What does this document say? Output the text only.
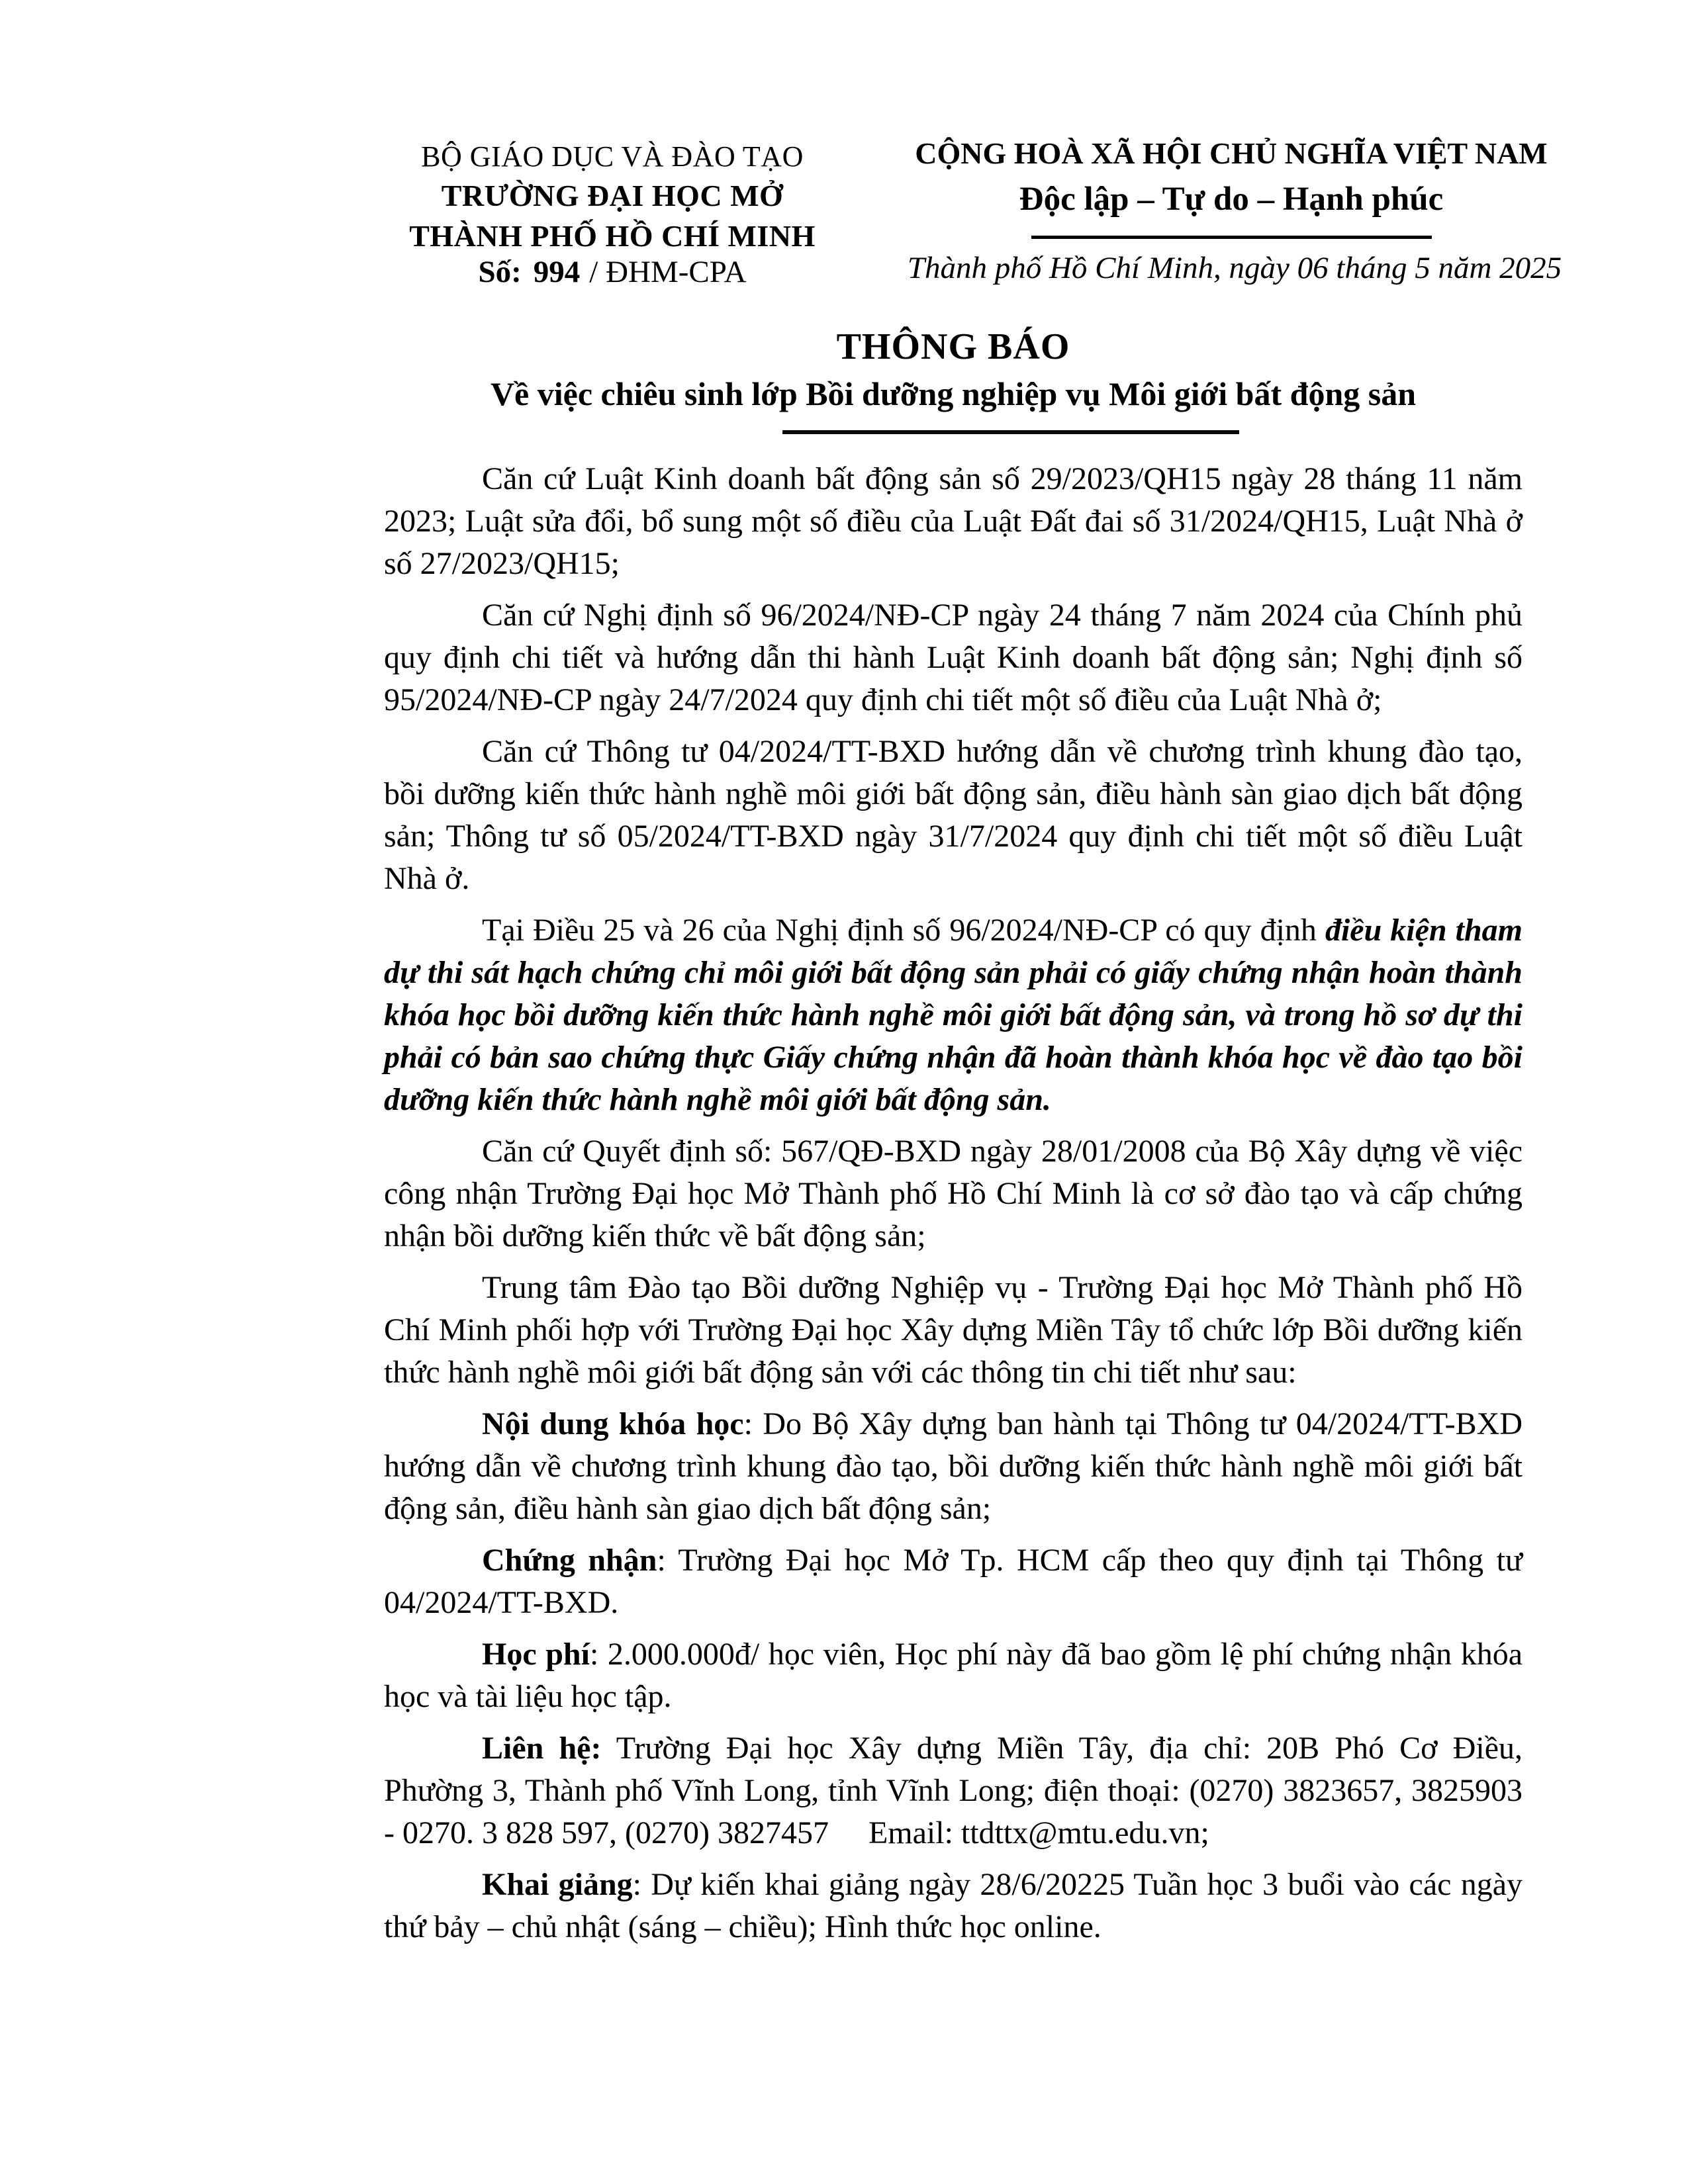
BỘ GIÁO DỤC VÀ ĐÀO TẠO
TRƯỜNG ĐẠI HỌC MỞ
THÀNH PHỐ HỒ CHÍ MINH
CỘNG HOÀ XÃ HỘI CHỦ NGHĨA VIỆT NAM
Độc lập – Tự do – Hạnh phúc
Số: 994 / ĐHM-CPA	Thành phố Hồ Chí Minh, ngày 06 tháng 5 năm 2025
THÔNG BÁO
Về việc chiêu sinh lớp Bồi dưỡng nghiệp vụ Môi giới bất động sản

Căn cứ Luật Kinh doanh bất động sản số 29/2023/QH15 ngày 28 tháng 11 năm 2023; Luật sửa đổi, bổ sung một số điều của Luật Đất đai số 31/2024/QH15, Luật Nhà ở số 27/2023/QH15;

Căn cứ Nghị định số 96/2024/NĐ-CP ngày 24 tháng 7 năm 2024 của Chính phủ quy định chi tiết và hướng dẫn thi hành Luật Kinh doanh bất động sản; Nghị định số 95/2024/NĐ-CP ngày 24/7/2024 quy định chi tiết một số điều của Luật Nhà ở;

Căn cứ Thông tư 04/2024/TT-BXD hướng dẫn về chương trình khung đào tạo, bồi dưỡng kiến thức hành nghề môi giới bất động sản, điều hành sàn giao dịch bất động sản; Thông tư số 05/2024/TT-BXD ngày 31/7/2024 quy định chi tiết một số điều Luật Nhà ở.

Tại Điều 25 và 26 của Nghị định số 96/2024/NĐ-CP có quy định điều kiện tham dự thi sát hạch chứng chỉ môi giới bất động sản phải có giấy chứng nhận hoàn thành khóa học bồi dưỡng kiến thức hành nghề môi giới bất động sản, và trong hồ sơ dự thi phải có bản sao chứng thực Giấy chứng nhận đã hoàn thành khóa học về đào tạo bồi dưỡng kiến thức hành nghề môi giới bất động sản.

Căn cứ Quyết định số: 567/QĐ-BXD ngày 28/01/2008 của Bộ Xây dựng về việc công nhận Trường Đại học Mở Thành phố Hồ Chí Minh là cơ sở đào tạo và cấp chứng nhận bồi dưỡng kiến thức về bất động sản;

Trung tâm Đào tạo Bồi dưỡng Nghiệp vụ - Trường Đại học Mở Thành phố Hồ Chí Minh phối hợp với Trường Đại học Xây dựng Miền Tây tổ chức lớp Bồi dưỡng kiến thức hành nghề môi giới bất động sản với các thông tin chi tiết như sau:

Nội dung khóa học: Do Bộ Xây dựng ban hành tại Thông tư 04/2024/TT-BXD hướng dẫn về chương trình khung đào tạo, bồi dưỡng kiến thức hành nghề môi giới bất động sản, điều hành sàn giao dịch bất động sản;

Chứng nhận: Trường Đại học Mở Tp. HCM cấp theo quy định tại Thông tư 04/2024/TT-BXD.

Học phí: 2.000.000đ/ học viên, Học phí này đã bao gồm lệ phí chứng nhận khóa học và tài liệu học tập.

Liên hệ: Trường Đại học Xây dựng Miền Tây, địa chỉ: 20B Phó Cơ Điều, Phường 3, Thành phố Vĩnh Long, tỉnh Vĩnh Long; điện thoại: (0270) 3823657, 3825903 - 0270. 3 828 597, (0270) 3827457     Email: ttdttx@mtu.edu.vn;

Khai giảng: Dự kiến khai giảng ngày 28/6/20225 Tuần học 3 buổi vào các ngày thứ bảy – chủ nhật (sáng – chiều); Hình thức học online.
